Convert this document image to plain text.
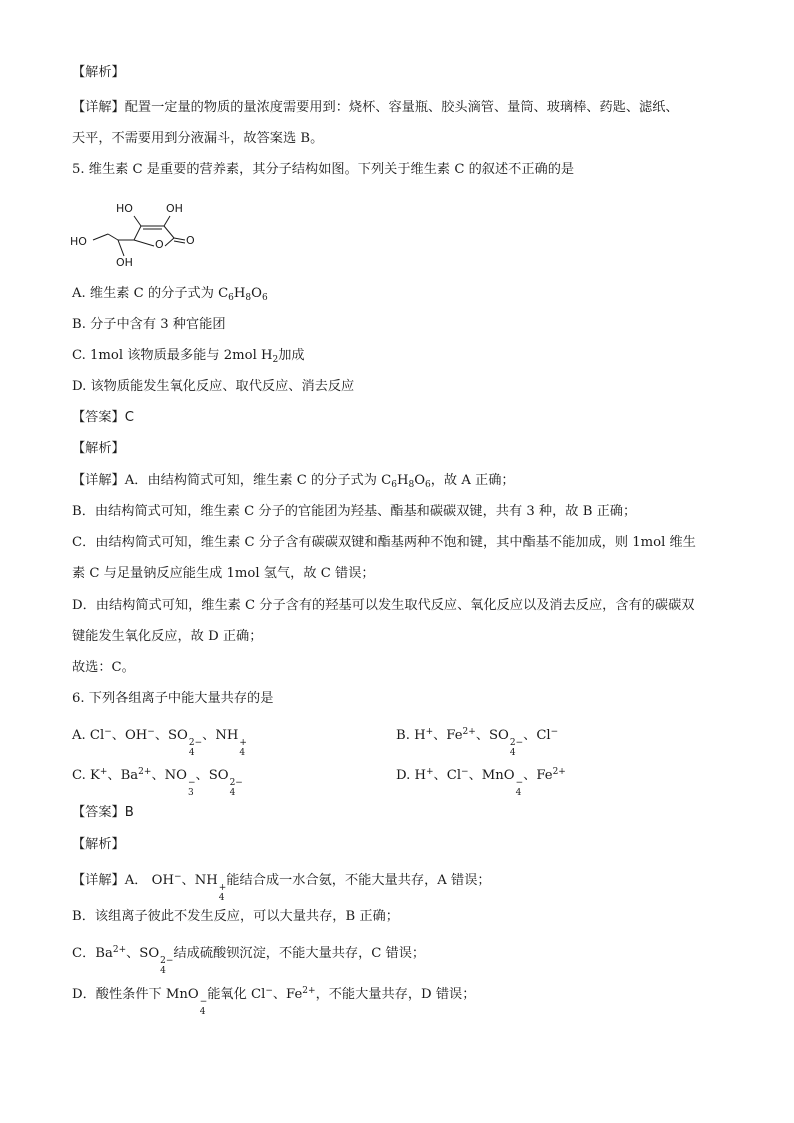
【解析】
【详解】配置一定量的物质的量浓度需要用到：烧杯、容量瓶、胶头滴管、量筒、玻璃棒、药匙、滤纸、
天平，不需要用到分液漏斗，故答案选 B。
5. 维生素 C 是重要的营养素，其分子结构如图。下列关于维生素 C 的叙述不正确的是
HO	OH
HO	O O
OH
A. 维生素 C 的分子式为 $C_6H_8O_6$
B. 分子中含有 3 种官能团
C. 1mol 该物质最多能与 2mol $H_2$加成
D. 该物质能发生氧化反应、取代反应、消去反应
【答案】C
【解析】
【详解】A．由结构简式可知，维生素 C 的分子式为 $C_6H_8O_6$，故 A 正确；
B．由结构简式可知，维生素 C 分子的官能团为羟基、酯基和碳碳双键，共有 3 种，故 B 正确；
C．由结构简式可知，维生素 C 分子含有碳碳双键和酯基两种不饱和键，其中酯基不能加成，则 1mol 维生
素 C 与足量钠反应能生成 1mol 氢气，故 C 错误；
D．由结构简式可知，维生素 C 分子含有的羟基可以发生取代反应、氧化反应以及消去反应，含有的碳碳双
键能发生氧化反应，故 D 正确；
故选：C。
6. 下列各组离子中能大量共存的是
A. Cl−、OH−、SO 2−
4
、NH +
4
B. H+、$Fe^{2+}$、SO 2−
4
、Cl−
C. K+、$Ba^{2+}$、NO −
3
、SO 2−
4
D. H+、Cl−、MnO −
4
、$Fe^{2+}$
【答案】B
【解析】
【详解】A． OH−、NH +
4
能结合成一水合氨，不能大量共存，A 错误；
B．该组离子彼此不发生反应，可以大量共存，B 正确；
C．$Ba^{2+}$、SO 2−
4
结成硫酸钡沉淀，不能大量共存，C 错误；
D．酸性条件下 MnO −
4
能氧化 Cl−、$Fe^{2+}$，不能大量共存，D 错误；
